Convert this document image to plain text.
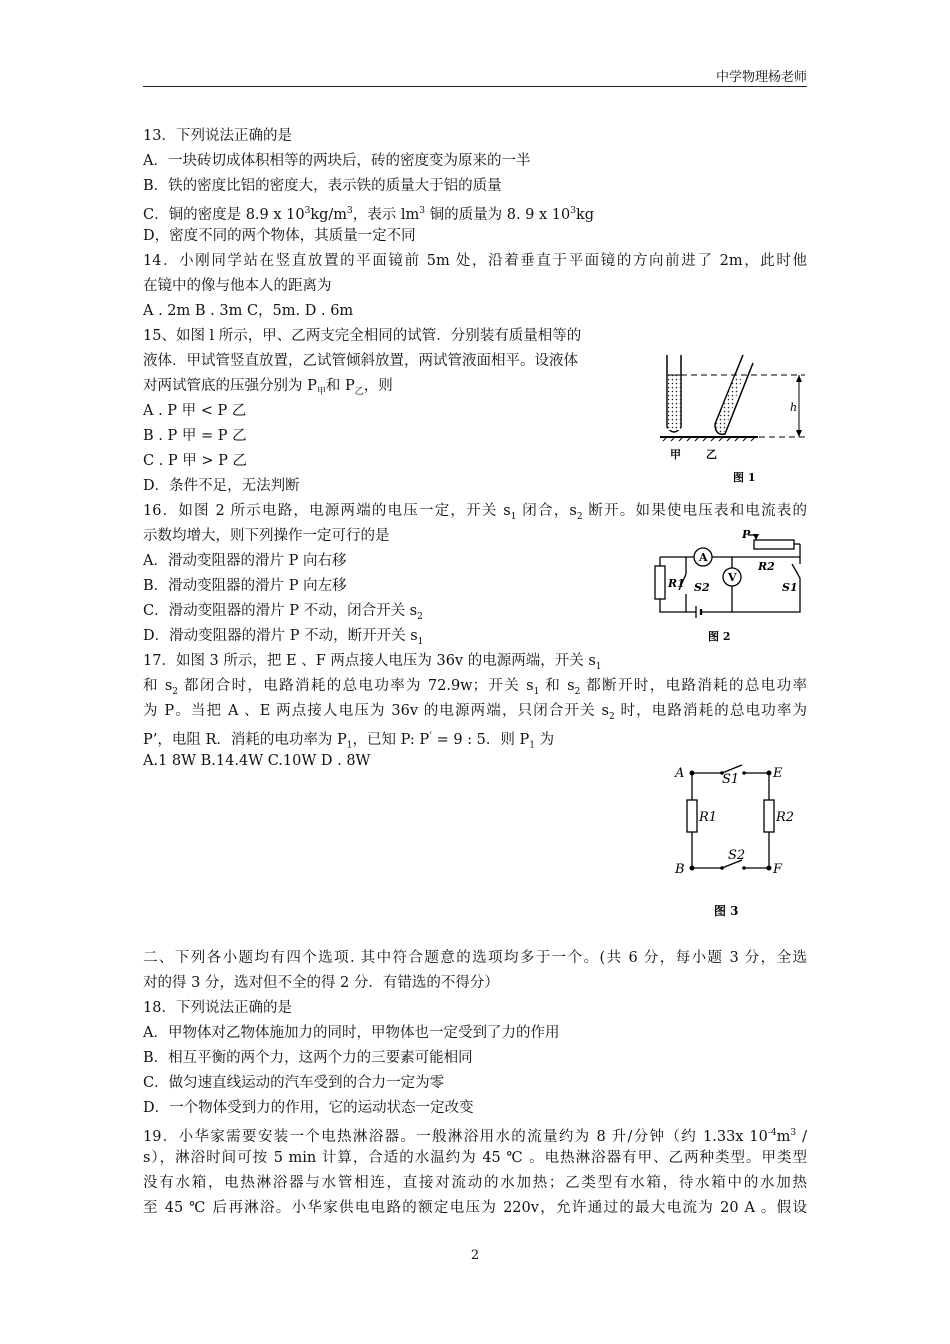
中学物理杨老师
13．下列说法正确的是
A．一块砖切成体积相等的两块后，砖的密度变为原来的一半
B．铁的密度比铝的密度大，表示铁的质量大于铝的质量
C．铜的密度是 8.9 x $10^3kg/m^3$，表示 $lm^3$ 铜的质量为 8. 9 x $10^3kg$
D，密度不同的两个物体，其质量一定不同
14．小刚同学站在竖直放置的平面镜前 5m 处，沿着垂直于平面镜的方向前进了 2m，此时他
在镜中的像与他本人的距离为
A . 2m B . 3m C，5m. D . 6m
15、如图 l 所示，甲、乙两支完全相同的试管．分别装有质量相等的
液体．甲试管竖直放置，乙试管倾斜放置，两试管液面相平。设液体
对两试管底的压强分别为 $P_甲$和 $P_乙$，则
A . P 甲 < P 乙
B . P 甲 = P 乙
C . P 甲 > P 乙
D．条件不足，无法判断
h
甲 乙
图 1
16．如图 2 所示电路，电源两端的电压一定，开关 $s_1$ 闭合，$s_2$ 断开。如果使电压表和电流表的
示数均增大，则下列操作一定可行的是
A．滑动变阻器的滑片 P 向右移
B．滑动变阻器的滑片 P 向左移
C．滑动变阻器的滑片 P 不动，闭合开关 $s_2$
D．滑动变阻器的滑片 P 不动，断开开关 $s_1$
A
V
P
R1
R2
S2	S1
图 2
17．如图 3 所示，把 E 、F 两点接人电压为 36v 的电源两端，开关 $s_1$
和 $s_2$ 都闭合时，电路消耗的总电功率为 72.9w；开关 $s_1$ 和 $s_2$ 都断开时，电路消耗的总电功率
为 P。当把 A 、E 两点接人电压为 36v 的电源两端，只闭合开关 $s_2$ 时，电路消耗的总电功率为
P’，电阻 R．消耗的电功率为 $P_1$，已知 P: P‘ = 9 : 5．则 $P_1$ 为
A.1 8W B.14.4W C.10W D . 8W
A	E
B	F
S1
S2
R1	R2
图 3
二、下列各小题均有四个选项. 其中符合题意的选项均多于一个。(共 6 分，每小题 3 分，全选
对的得 3 分，选对但不全的得 2 分．有错选的不得分）
18．下列说法正确的是
A．甲物体对乙物体施加力的同时，甲物体也一定受到了力的作用
B．相互平衡的两个力，这两个力的三要素可能相同
C．做匀速直线运动的汽车受到的合力一定为零
D．一个物体受到力的作用，它的运动状态一定改变
19．小华家需要安装一个电热淋浴器。一般淋浴用水的流量约为 8 升/分钟（约 1.33x $10^{-4}m^3$ /
s），淋浴时间可按 5 min 计算，合适的水温约为 45 ℃ 。电热淋浴器有甲、乙两种类型。甲类型
没有水箱，电热淋浴器与水管相连，直接对流动的水加热；乙类型有水箱，待水箱中的水加热
至 45 ℃ 后再淋浴。小华家供电电路的额定电压为 220v，允许通过的最大电流为 20 A 。假设
2
